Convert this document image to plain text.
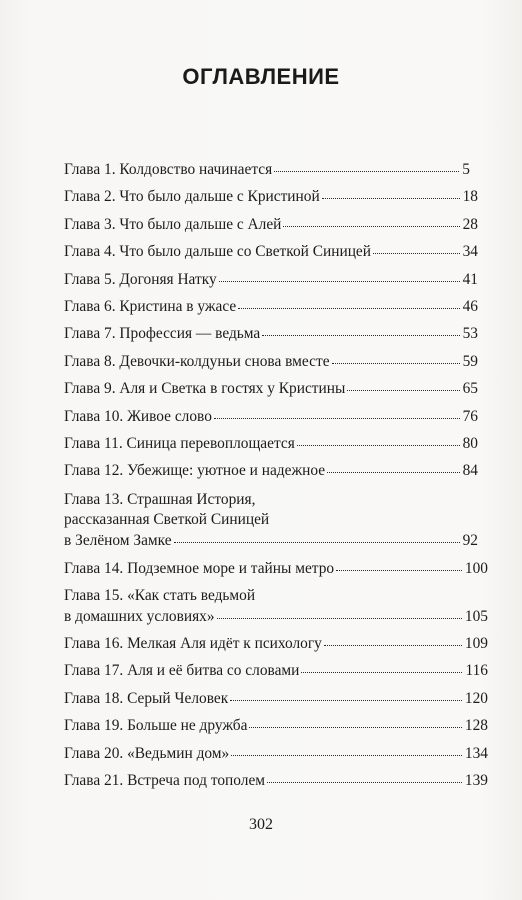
ОГЛАВЛЕНИЕ
Глава 1. Колдовство начинается	5
Глава 2. Что было дальше с Кристиной	18
Глава 3. Что было дальше с Алей	28
Глава 4. Что было дальше со Светкой Синицей	34
Глава 5. Догоняя Натку	41
Глава 6. Кристина в ужасе	46
Глава 7. Профессия — ведьма	53
Глава 8. Девочки-колдуньи снова вместе	59
Глава 9. Аля и Светка в гостях у Кристины	65
Глава 10. Живое слово	76
Глава 11. Синица перевоплощается	80
Глава 12. Убежище: уютное и надежное	84
Глава 13. Страшная История,
рассказанная Светкой Синицей
в Зелёном Замке	92
Глава 14. Подземное море и тайны метро	100
Глава 15. «Как стать ведьмой
в домашних условиях»	105
Глава 16. Мелкая Аля идёт к психологу	109
Глава 17. Аля и её битва со словами	116
Глава 18. Серый Человек	120
Глава 19. Больше не дружба	128
Глава 20. «Ведьмин дом»	134
Глава 21. Встреча под тополем	139
302
